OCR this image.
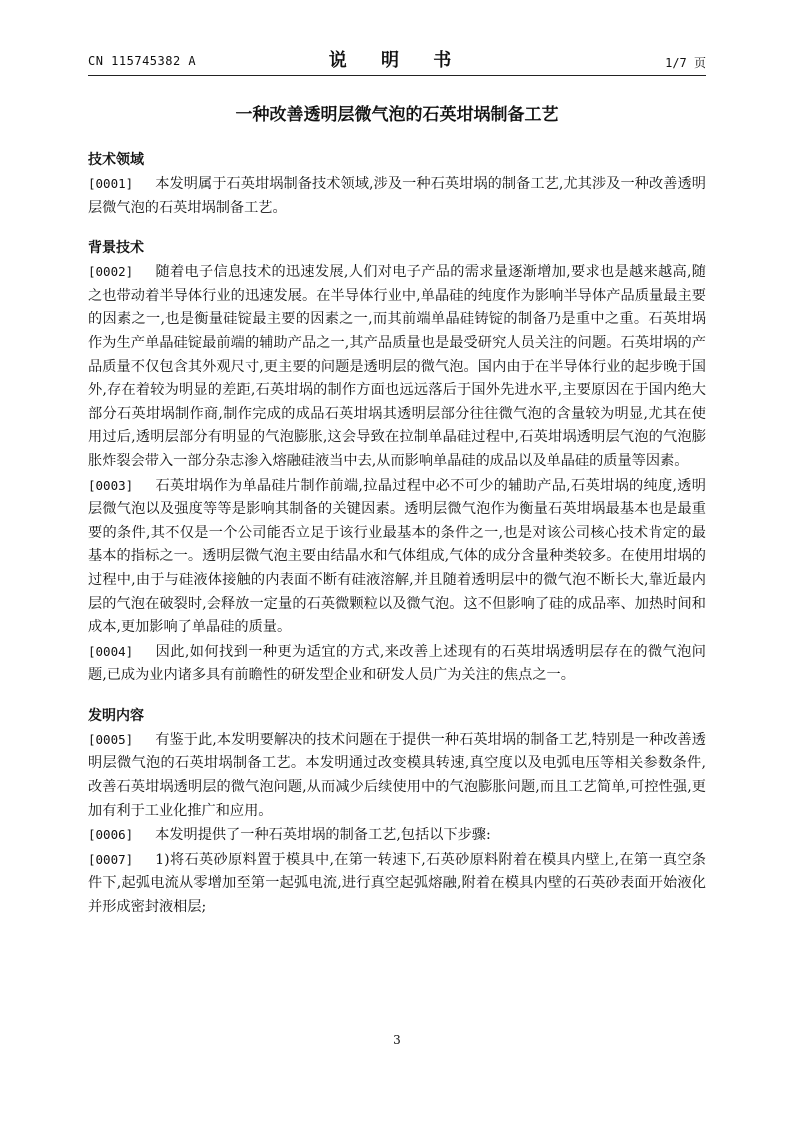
CN 115745382 A	说 明 书	1/7 页
一种改善透明层微气泡的石英坩埚制备工艺
技术领域

[0001] 本发明属于石英坩埚制备技术领域,涉及一种石英坩埚的制备工艺,尤其涉及一种改善透明层微气泡的石英坩埚制备工艺。

背景技术

[0002] 随着电子信息技术的迅速发展,人们对电子产品的需求量逐渐增加,要求也是越来越高,随之也带动着半导体行业的迅速发展。在半导体行业中,单晶硅的纯度作为影响半导体产品质量最主要的因素之一,也是衡量硅锭最主要的因素之一,而其前端单晶硅铸锭的制备乃是重中之重。石英坩埚作为生产单晶硅锭最前端的辅助产品之一,其产品质量也是最受研究人员关注的问题。石英坩埚的产品质量不仅包含其外观尺寸,更主要的问题是透明层的微气泡。国内由于在半导体行业的起步晚于国外,存在着较为明显的差距,石英坩埚的制作方面也远远落后于国外先进水平,主要原因在于国内绝大部分石英坩埚制作商,制作完成的成品石英坩埚其透明层部分往往微气泡的含量较为明显,尤其在使用过后,透明层部分有明显的气泡膨胀,这会导致在拉制单晶硅过程中,石英坩埚透明层气泡的气泡膨胀炸裂会带入一部分杂志渗入熔融硅液当中去,从而影响单晶硅的成品以及单晶硅的质量等因素。

[0003] 石英坩埚作为单晶硅片制作前端,拉晶过程中必不可少的辅助产品,石英坩埚的纯度,透明层微气泡以及强度等等是影响其制备的关键因素。透明层微气泡作为衡量石英坩埚最基本也是最重要的条件,其不仅是一个公司能否立足于该行业最基本的条件之一,也是对该公司核心技术肯定的最基本的指标之一。透明层微气泡主要由结晶水和气体组成,气体的成分含量种类较多。在使用坩埚的过程中,由于与硅液体接触的内表面不断有硅液溶解,并且随着透明层中的微气泡不断长大,靠近最内层的气泡在破裂时,会释放一定量的石英微颗粒以及微气泡。这不但影响了硅的成品率、加热时间和成本,更加影响了单晶硅的质量。

[0004] 因此,如何找到一种更为适宜的方式,来改善上述现有的石英坩埚透明层存在的微气泡问题,已成为业内诸多具有前瞻性的研发型企业和研发人员广为关注的焦点之一。

发明内容

[0005] 有鉴于此,本发明要解决的技术问题在于提供一种石英坩埚的制备工艺,特别是一种改善透明层微气泡的石英坩埚制备工艺。本发明通过改变模具转速,真空度以及电弧电压等相关参数条件,改善石英坩埚透明层的微气泡问题,从而减少后续使用中的气泡膨胀问题,而且工艺简单,可控性强,更加有利于工业化推广和应用。

[0006] 本发明提供了一种石英坩埚的制备工艺,包括以下步骤:

[0007] 1)将石英砂原料置于模具中,在第一转速下,石英砂原料附着在模具内壁上,在第一真空条件下,起弧电流从零增加至第一起弧电流,进行真空起弧熔融,附着在模具内壁的石英砂表面开始液化并形成密封液相层;

3
